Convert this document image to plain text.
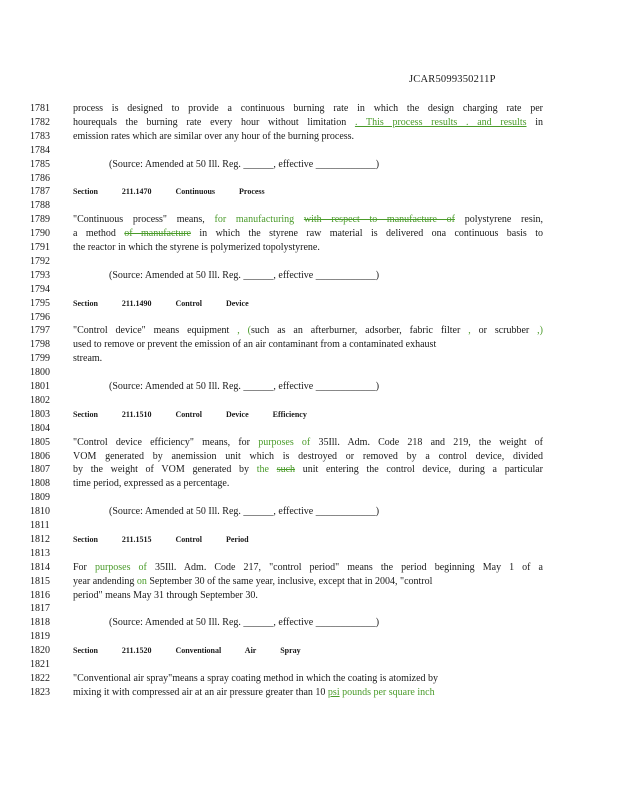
JCAR5099350211P
1781	process is designed to provide a continuous burning rate in which the design charging rate per
1782	hourequals the burning rate every hour without limitation . This process results . and results in
1783	emission rates which are similar over any hour of the burning process.
1784
1785	(Source: Amended at 50 Ill. Reg. ______, effective ____________)
1786
1787	Section 211.1470 Continuous Process
1788
1789	"Continuous process" means, for manufacturing with respect to manufacture of polystyrene resin,
1790	a method of manufacture in which the styrene raw material is delivered ona continuous basis to
1791	the reactor in which the styrene is polymerized topolystyrene.
1792
1793	(Source: Amended at 50 Ill. Reg. ______, effective ____________)
1794
1795	Section 211.1490 Control Device
1796
1797	"Control device" means equipment , (such as an afterburner, adsorber, fabric filter , or scrubber ,)
1798	used to remove or prevent the emission of an air contaminant from a contaminated exhaust
1799	stream.
1800
1801	(Source: Amended at 50 Ill. Reg. ______, effective ____________)
1802
1803	Section 211.1510 Control Device Efficiency
1804
1805	"Control device efficiency" means, for purposes of 35Ill. Adm. Code 218 and 219, the weight of
1806	VOM generated by anemission unit which is destroyed or removed by a control device, divided
1807	by the weight of VOM generated by the such unit entering the control device, during a particular
1808	time period, expressed as a percentage.
1809
1810	(Source: Amended at 50 Ill. Reg. ______, effective ____________)
1811
1812	Section 211.1515 Control Period
1813
1814	For purposes of 35Ill. Adm. Code 217, "control period" means the period beginning May 1 of a
1815	year andending on September 30 of the same year, inclusive, except that in 2004, "control
1816	period" means May 31 through September 30.
1817
1818	(Source: Amended at 50 Ill. Reg. ______, effective ____________)
1819
1820	Section 211.1520 Conventional Air Spray
1821
1822	"Conventional air spray"means a spray coating method in which the coating is atomized by
1823	mixing it with compressed air at an air pressure greater than 10 psi pounds per square inch
